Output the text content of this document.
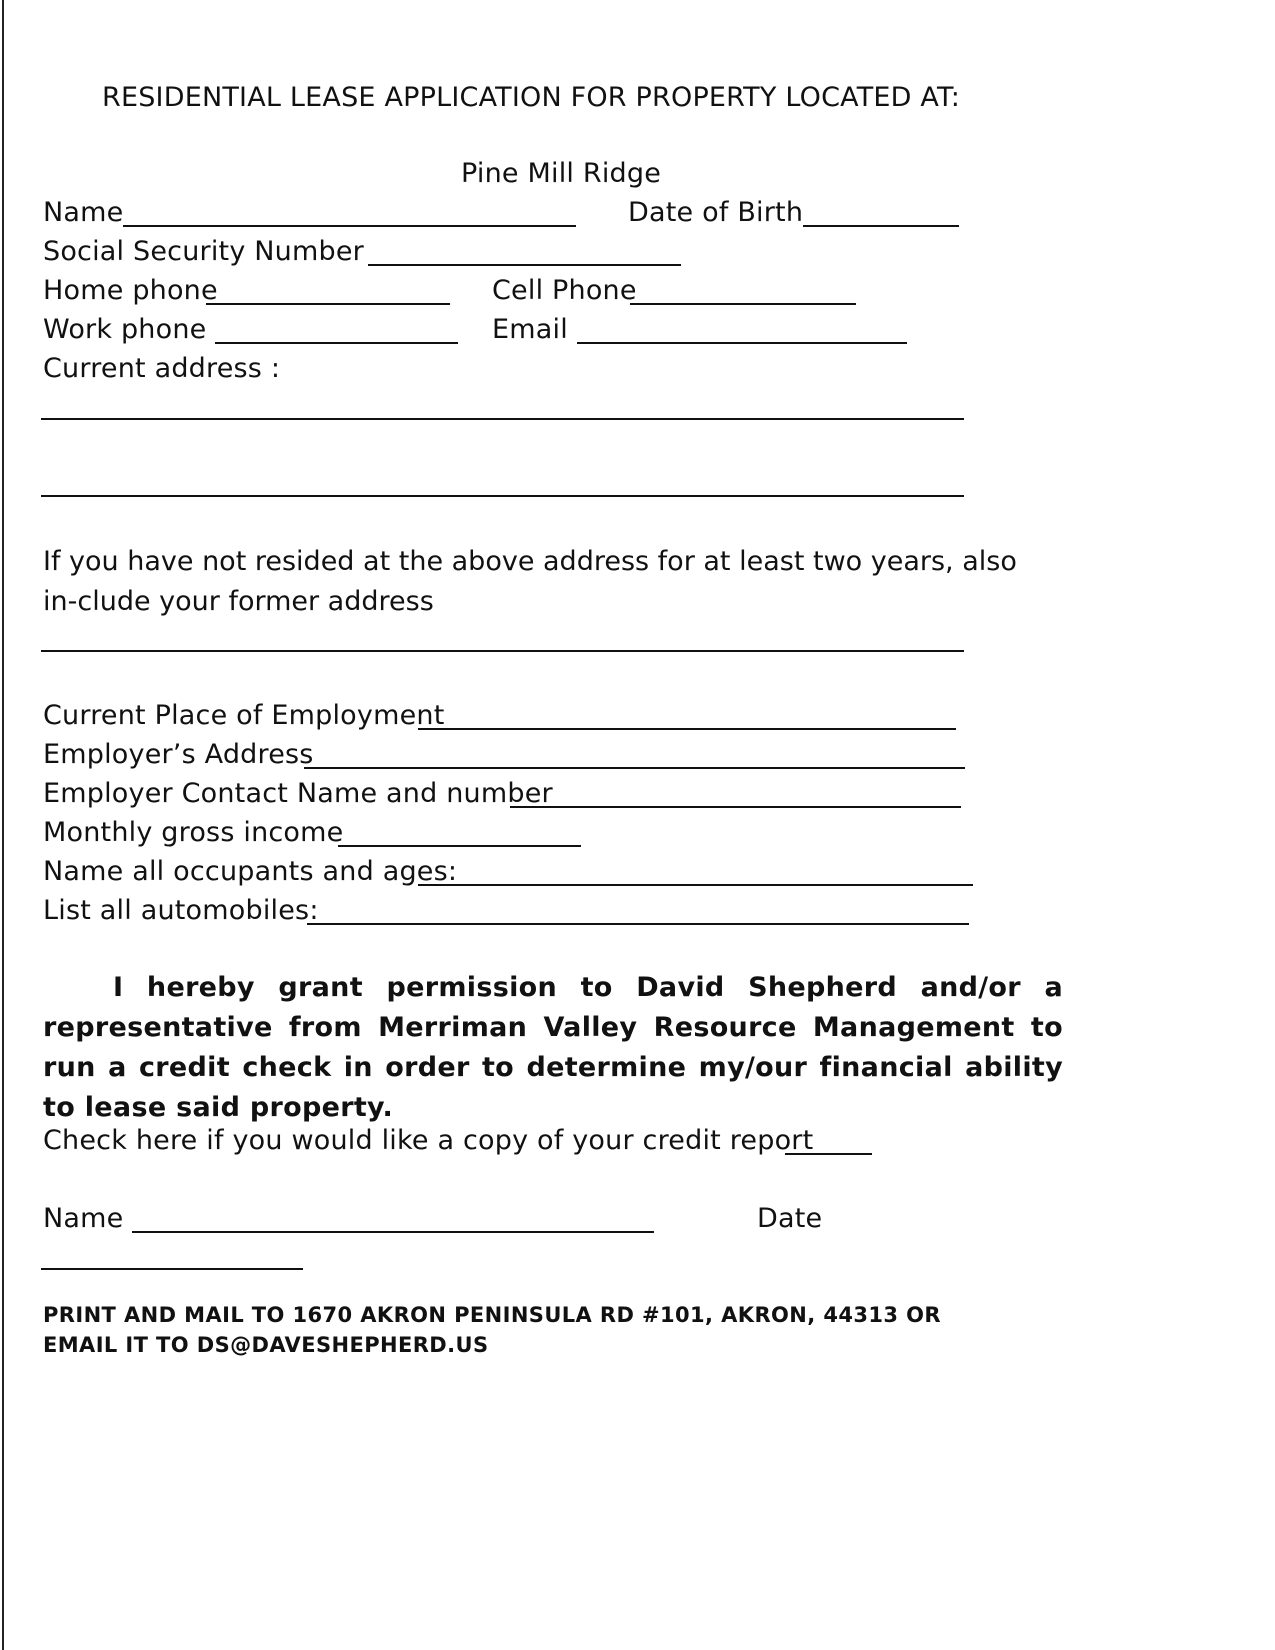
RESIDENTIAL LEASE APPLICATION FOR PROPERTY LOCATED AT:
Pine Mill Ridge
Name	Date of Birth
Social Security Number
Home phone	Cell Phone
Work phone	Email
Current address :
If you have not resided at the above address for at least two years, also in-clude your former address
Current Place of Employment
Employer’s Address
Employer Contact Name and number
Monthly gross income
Name all occupants and ages:
List all automobiles:
I hereby grant permission to David Shepherd and/or a representative from Merriman Valley Resource Management to run a credit check in order to determine my/our financial ability to lease said property.
Check here if you would like a copy of your credit report
Name	Date
PRINT AND MAIL TO 1670 AKRON PENINSULA RD #101, AKRON, 44313 OR EMAIL IT TO DS@DAVESHEPHERD.US
